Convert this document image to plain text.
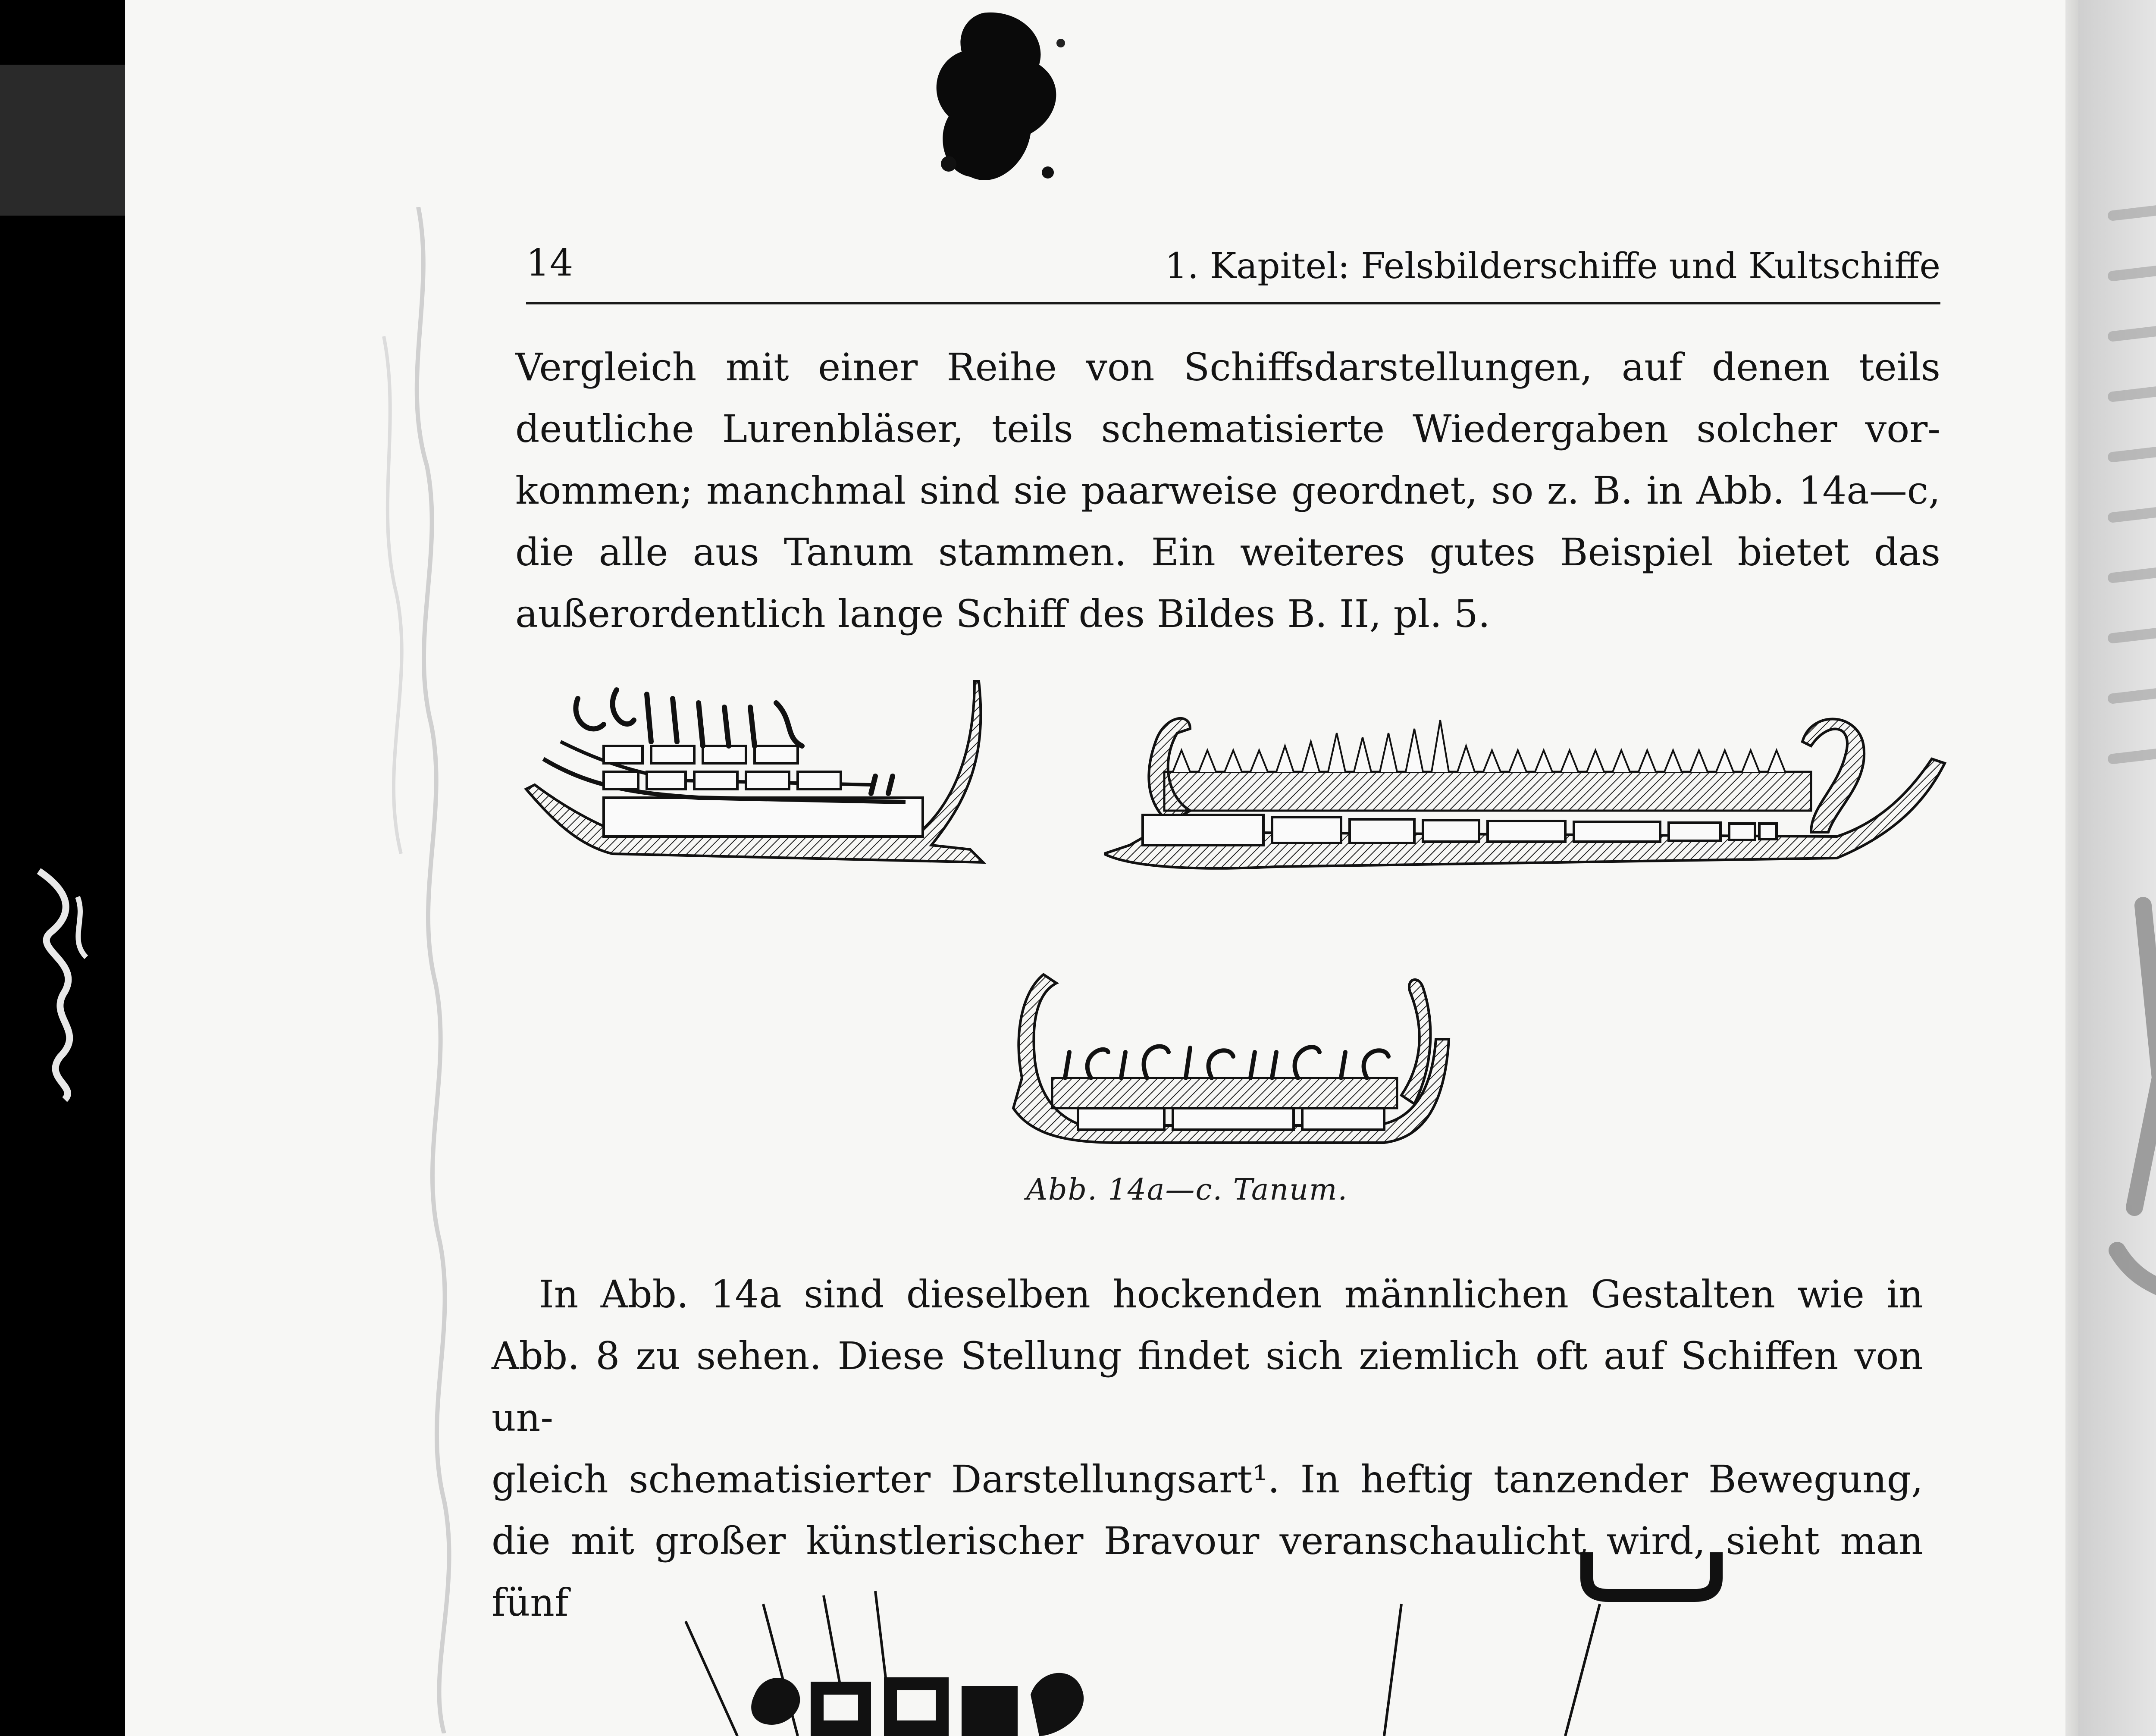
14	1. Kapitel: Felsbilderschiffe und Kultschiffe
Vergleich mit einer Reihe von Schiffsdarstellungen, auf denen teils
deutliche Lurenbläser, teils schematisierte Wiedergaben solcher vor-
kommen; manchmal sind sie paarweise geordnet, so z. B. in Abb. 14a—c,
die alle aus Tanum stammen. Ein weiteres gutes Beispiel bietet das
außerordentlich lange Schiff des Bildes B. II, pl. 5.
Abb. 14a—c. Tanum.
In Abb. 14a sind dieselben hockenden männlichen Gestalten wie in
Abb. 8 zu sehen. Diese Stellung findet sich ziemlich oft auf Schiffen von un-
gleich schematisierter Darstellungsart¹. In heftig tanzender Bewegung,
die mit großer künstlerischer Bravour veranschaulicht wird, sieht man fünf
